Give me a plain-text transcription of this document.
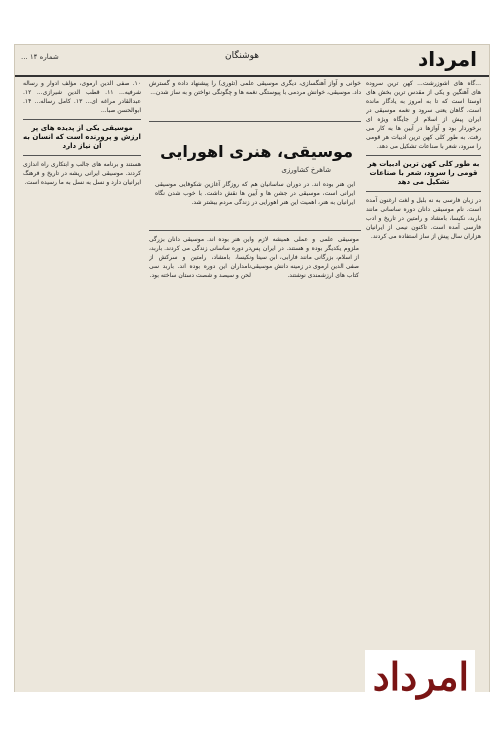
امرداد
هوشنگان
شماره ۱۴ ...
...گاه های اشوزرشت... کهن ترین سروده های آهنگین و یکی از مقدس ترین بخش های اوستا است که تا به امروز به یادگار مانده است. گاهان یعنی سرود و نغمه موسیقی در ایران پیش از اسلام از جایگاه ویژه ای برخوردار بود و آوازها در آیین ها به کار می رفت. به طور کلی کهن ترین ادبیات هر قومی را سرود، شعر با صناعات تشکیل می دهد.
به طور کلی کهن ترین ادبیات هر قومی را سرود، شعر با صناعات تشکیل می دهد
در زبان فارسی به نه بلبل و لغت ارغنون آمده است. نام موسیقی دانان دوره ساسانی مانند باربد، نکیسا، بامشاد و رامتین در تاریخ و ادب فارسی آمده است. تاکنون نیمی از ایرانیان هزاران سال پیش از ساز استفاده می کردند.
خوانی و آواز آهنگسازی، دیگری موسیقی علمی (تئوری) را پیشنهاد داده و گسترش داد. موسیقی، خوانش مردمی با پیوستگی نغمه ها و چگونگی نواختن و به ساز شدن...
موسیقی، هنری اهورایی
شاهرخ کشاورزی
این هنر بوده اند. در دوران ساسانیان هم که روزگار آغازین شکوفایی موسیقی ایرانی است، موسیقی در جشن ها و آیین ها نقش داشت. با خوب شدن نگاه ایرانیان به هنر، اهمیت این هنر اهورایی در زندگی مردم بیشتر شد.
موسیقی علمی و عملی همیشه لازم و ملزوم یکدیگر بوده و هستند. در ایران پس از اسلام، بزرگانی مانند فارابی، ابن سینا و صفی الدین ارموی در زمینه دانش موسیقی کتاب های ارزشمندی نوشتند.
این هنر بوده اند. موسیقی دانان بزرگی در دوره ساسانی زندگی می کردند. باربد، نکیسا، بامشاد، رامتین و سرکش از نامداران این دوره بوده اند. باربد سی لحن و سیصد و شصت دستان ساخته بود.
۱۰. صفی الدین ارموی، مؤلف ادوار و رساله شرفیه... ۱۱. قطب الدین شیرازی... ۱۲. عبدالقادر مراغه ای... ۱۳. کامل رساله... ۱۴. ابوالحسن صبا...
موسیقی یکی از پدیده های پر ارزش و پرورنده است که انسان به آن نیاز دارد
هستند و برنامه های جالب و ابتکاری راه اندازی کردند. موسیقی ایرانی ریشه در تاریخ و فرهنگ ایرانیان دارد و نسل به نسل به ما رسیده است.
امرداد
